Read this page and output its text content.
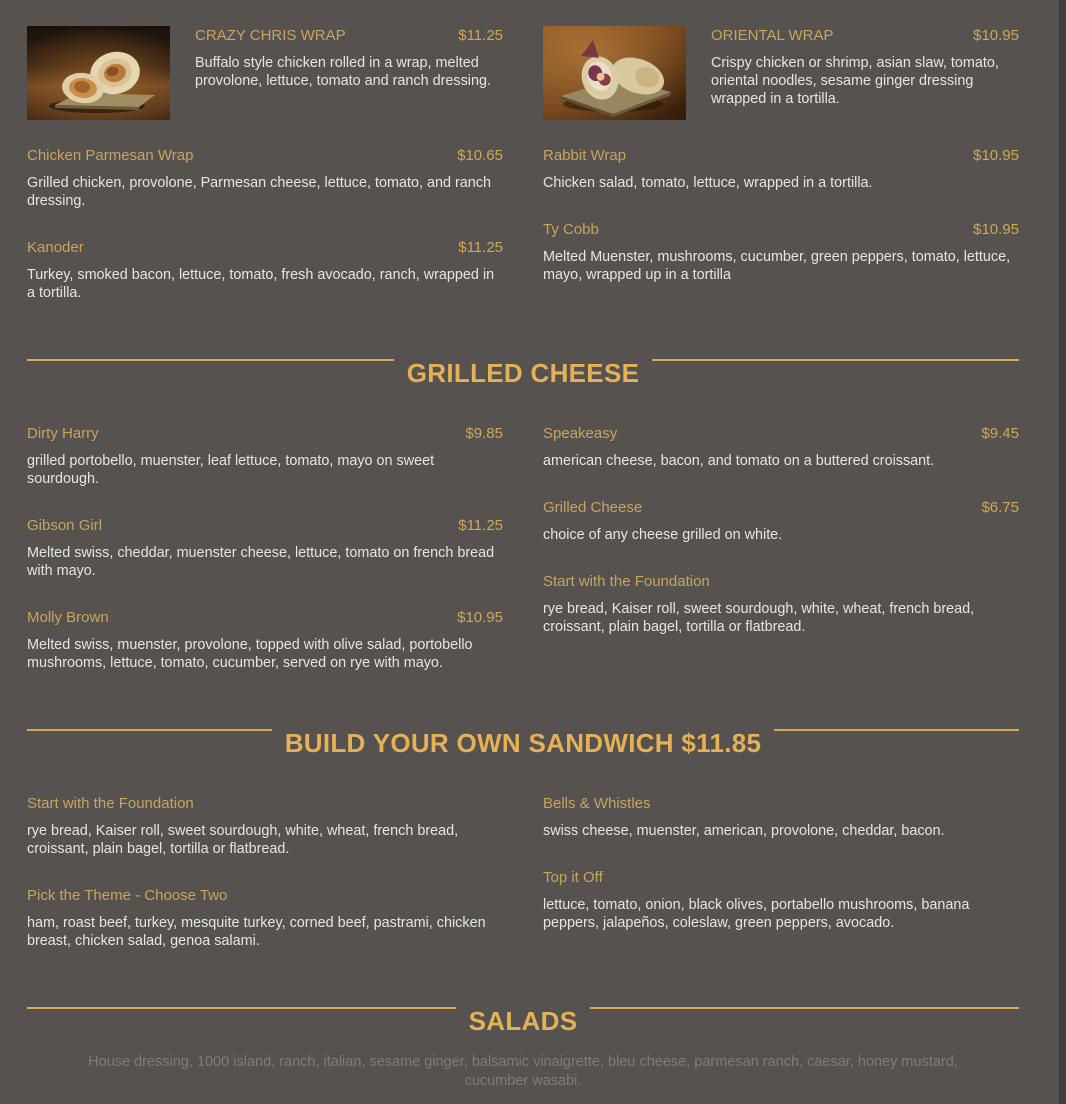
CRAZY CHRIS WRAP	$11.25

Buffalo style chicken rolled in a wrap, melted provolone, lettuce, tomato and ranch dressing.

Chicken Parmesan Wrap	$10.65

Grilled chicken, provolone, Parmesan cheese, lettuce, tomato, and ranch dressing.

Kanoder	$11.25

Turkey, smoked bacon, lettuce, tomato, fresh avocado, ranch, wrapped in a tortilla.

ORIENTAL WRAP	$10.95

Crispy chicken or shrimp, asian slaw, tomato, oriental noodles, sesame ginger dressing wrapped in a tortilla.

Rabbit Wrap	$10.95

Chicken salad, tomato, lettuce, wrapped in a tortilla.

Ty Cobb	$10.95

Melted Muenster, mushrooms, cucumber, green peppers, tomato, lettuce, mayo, wrapped up in a tortilla

GRILLED CHEESE
Dirty Harry	$9.85

grilled portobello, muenster, leaf lettuce, tomato, mayo on sweet sourdough.

Gibson Girl	$11.25

Melted swiss, cheddar, muenster cheese, lettuce, tomato on french bread with mayo.

Molly Brown	$10.95

Melted swiss, muenster, provolone, topped with olive salad, portobello mushrooms, lettuce, tomato, cucumber, served on rye with mayo.

Speakeasy	$9.45

american cheese, bacon, and tomato on a buttered croissant.

Grilled Cheese	$6.75

choice of any cheese grilled on white.

Start with the Foundation

rye bread, Kaiser roll, sweet sourdough, white, wheat, french bread, croissant, plain bagel, tortilla or flatbread.

BUILD YOUR OWN SANDWICH $11.85
Start with the Foundation

rye bread, Kaiser roll, sweet sourdough, white, wheat, french bread, croissant, plain bagel, tortilla or flatbread.

Pick the Theme - Choose Two

ham, roast beef, turkey, mesquite turkey, corned beef, pastrami, chicken breast, chicken salad, genoa salami.

Bells & Whistles

swiss cheese, muenster, american, provolone, cheddar, bacon.

Top it Off

lettuce, tomato, onion, black olives, portabello mushrooms, banana peppers, jalapeños, coleslaw, green peppers, avocado.

SALADS

House dressing, 1000 island, ranch, italian, sesame ginger, balsamic vinaigrette, bleu cheese, parmesan ranch, caesar, honey mustard, cucumber wasabi.
